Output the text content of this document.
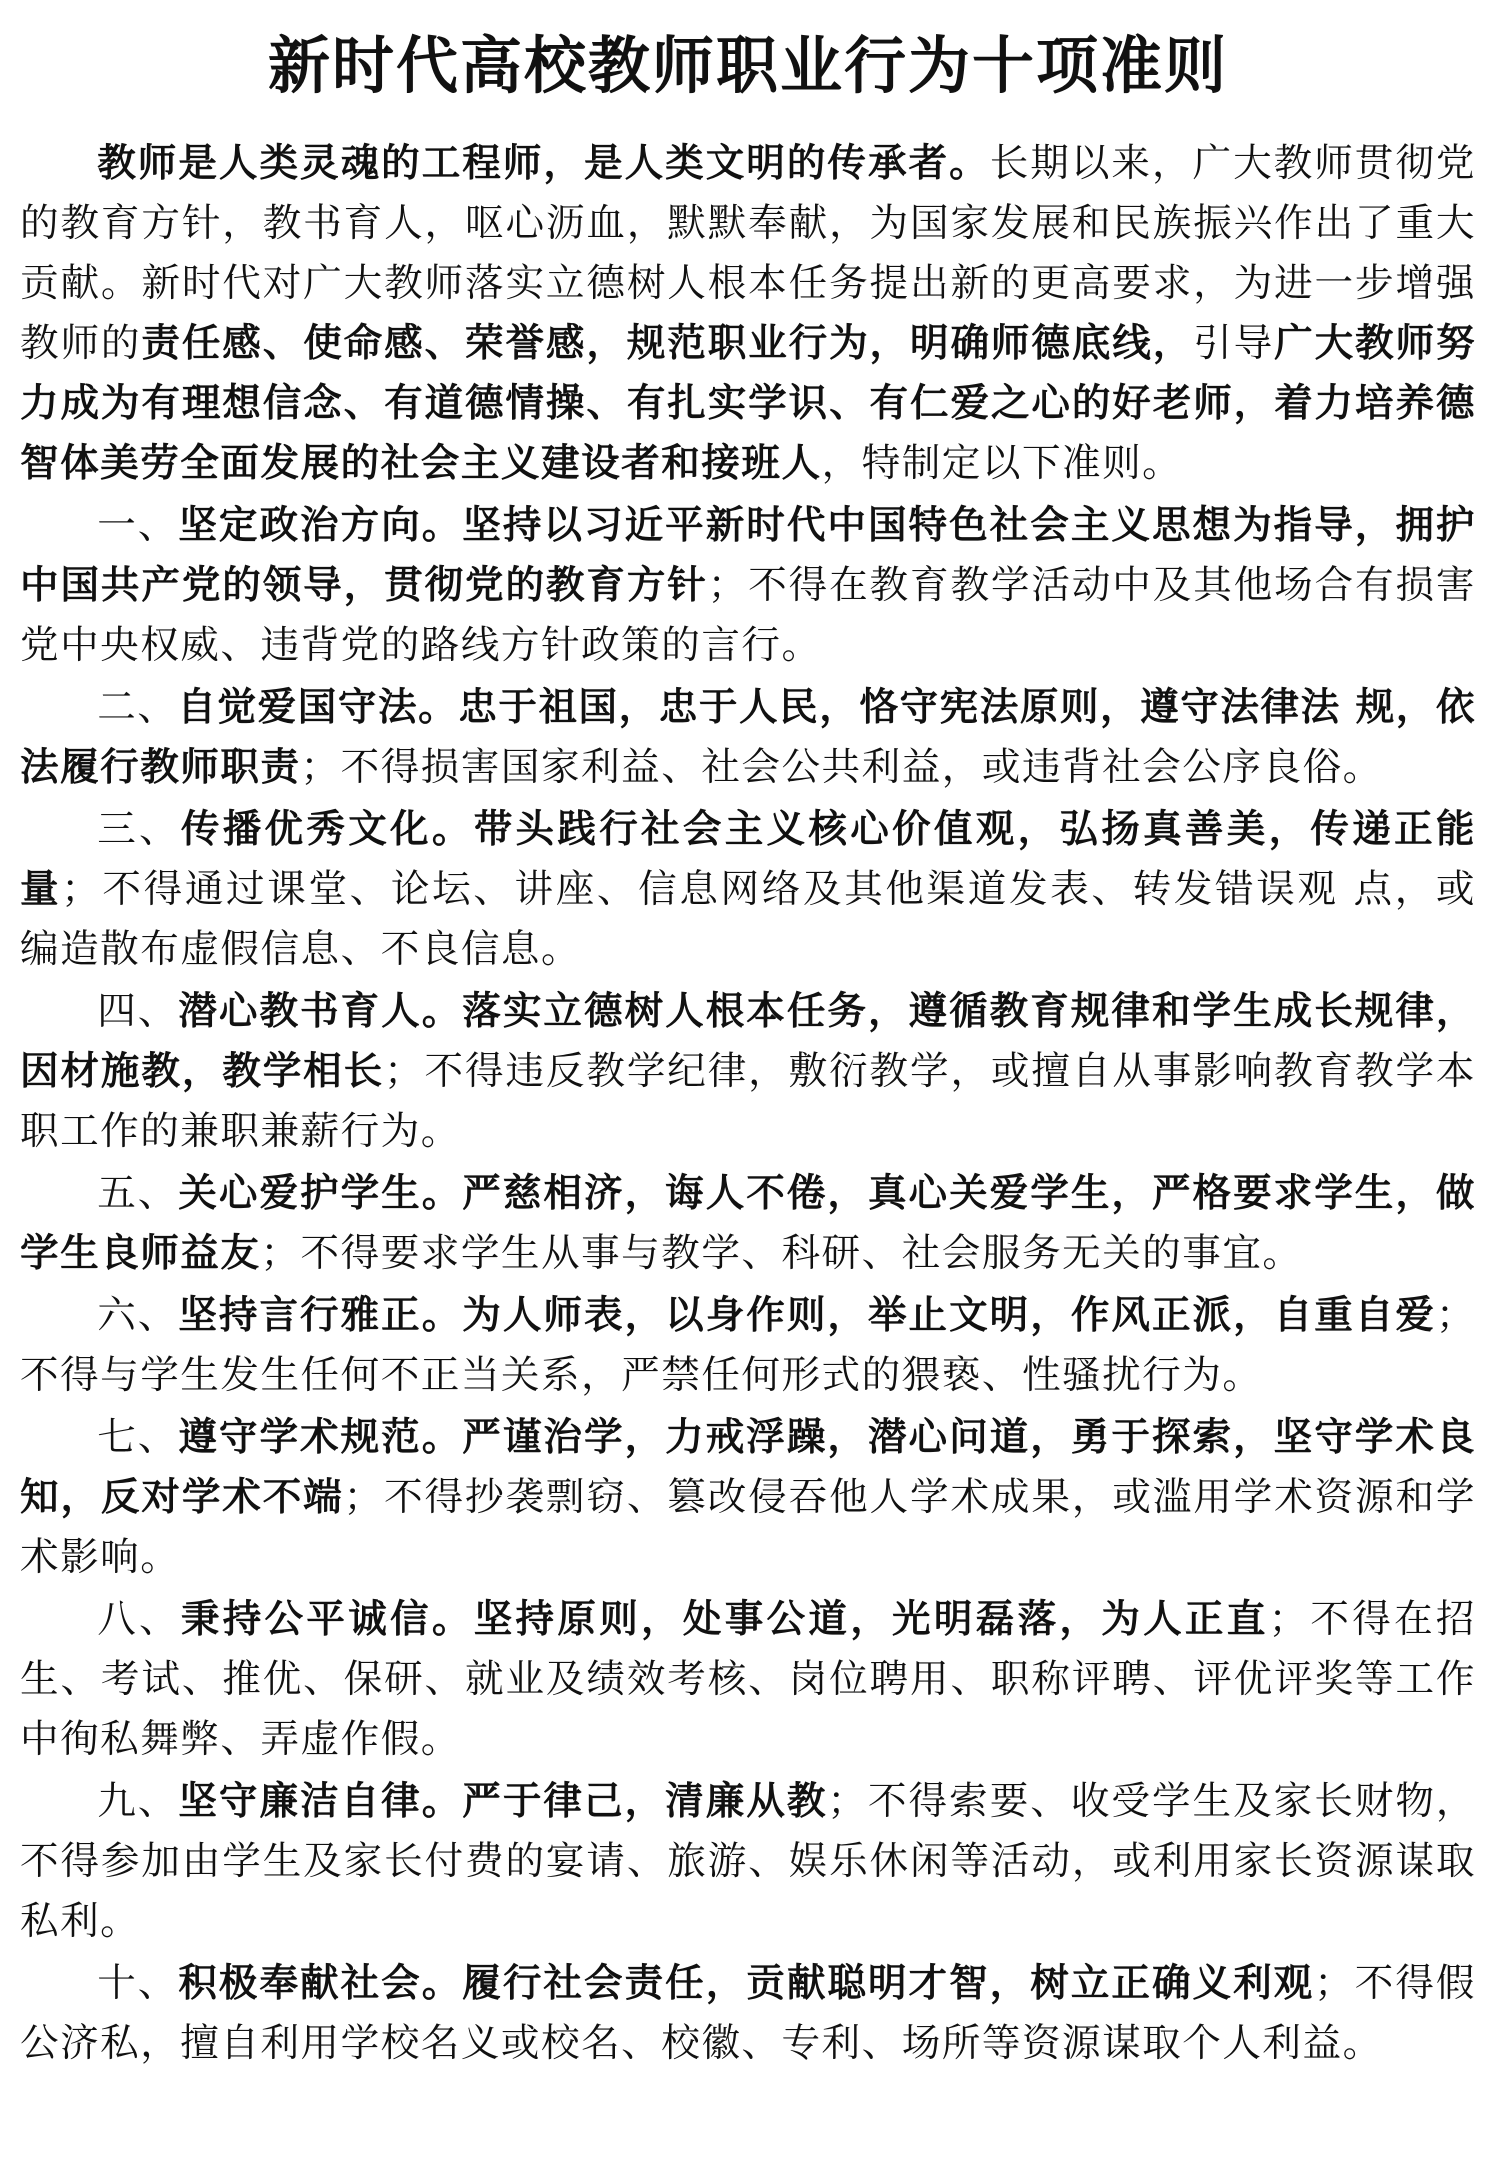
新时代高校教师职业行为十项准则

教师是人类灵魂的工程师，是人类文明的传承者。长期以来，广大教师贯彻党的教育方针，教书育人，呕心沥血，默默奉献，为国家发展和民族振兴作出了重大贡献。新时代对广大教师落实立德树人根本任务提出新的更高要求，为进一步增强教师的责任感、使命感、荣誉感，规范职业行为，明确师德底线，引导广大教师努力成为有理想信念、有道德情操、有扎实学识、有仁爱之心的好老师，着力培养德智体美劳全面发展的社会主义建设者和接班人，特制定以下准则。

一、坚定政治方向。坚持以习近平新时代中国特色社会主义思想为指导，拥护中国共产党的领导，贯彻党的教育方针；不得在教育教学活动中及其他场合有损害党中央权威、违背党的路线方针政策的言行。

二、自觉爱国守法。忠于祖国，忠于人民，恪守宪法原则，遵守法律法 规，依法履行教师职责；不得损害国家利益、社会公共利益，或违背社会公序良俗。

三、传播优秀文化。带头践行社会主义核心价值观，弘扬真善美，传递正能量；不得通过课堂、论坛、讲座、信息网络及其他渠道发表、转发错误观 点，或编造散布虚假信息、不良信息。

四、潜心教书育人。落实立德树人根本任务，遵循教育规律和学生成长规律，因材施教，教学相长；不得违反教学纪律，敷衍教学，或擅自从事影响教育教学本职工作的兼职兼薪行为。

五、关心爱护学生。严慈相济，诲人不倦，真心关爱学生，严格要求学生，做学生良师益友；不得要求学生从事与教学、科研、社会服务无关的事宜。

六、坚持言行雅正。为人师表，以身作则，举止文明，作风正派，自重自爱；不得与学生发生任何不正当关系，严禁任何形式的猥亵、性骚扰行为。

七、遵守学术规范。严谨治学，力戒浮躁，潜心问道，勇于探索，坚守学术良知，反对学术不端；不得抄袭剽窃、篡改侵吞他人学术成果，或滥用学术资源和学术影响。

八、秉持公平诚信。坚持原则，处事公道，光明磊落，为人正直；不得在招生、考试、推优、保研、就业及绩效考核、岗位聘用、职称评聘、评优评奖等工作中徇私舞弊、弄虚作假。

九、坚守廉洁自律。严于律己，清廉从教；不得索要、收受学生及家长财物，不得参加由学生及家长付费的宴请、旅游、娱乐休闲等活动，或利用家长资源谋取私利。

十、积极奉献社会。履行社会责任，贡献聪明才智，树立正确义利观；不得假公济私，擅自利用学校名义或校名、校徽、专利、场所等资源谋取个人利益。
